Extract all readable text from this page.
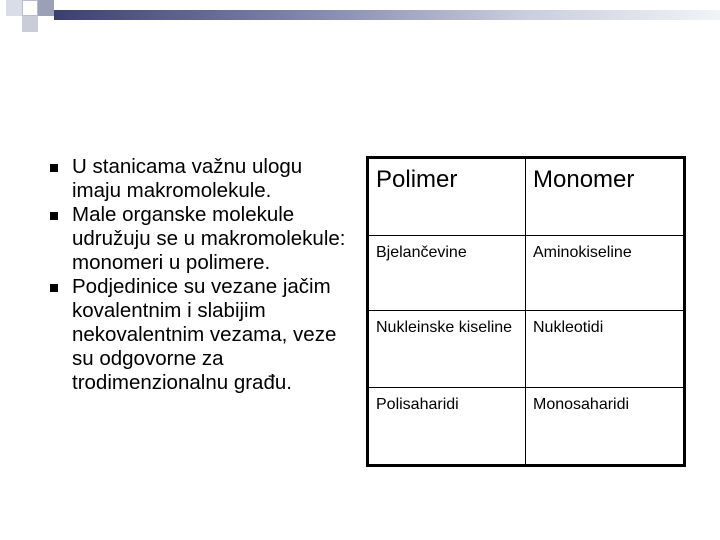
U stanicama važnu ulogu imaju makromolekule.
Male organske molekule udružuju se u makromolekule: monomeri u polimere.
Podjedinice su vezane jačim kovalentnim i slabijim nekovalentnim vezama, veze su odgovorne za trodimenzionalnu građu.
Polimer	Monomer
Bjelančevine	Aminokiseline
Nukleinske kiseline	Nukleotidi
Polisaharidi	Monosaharidi
